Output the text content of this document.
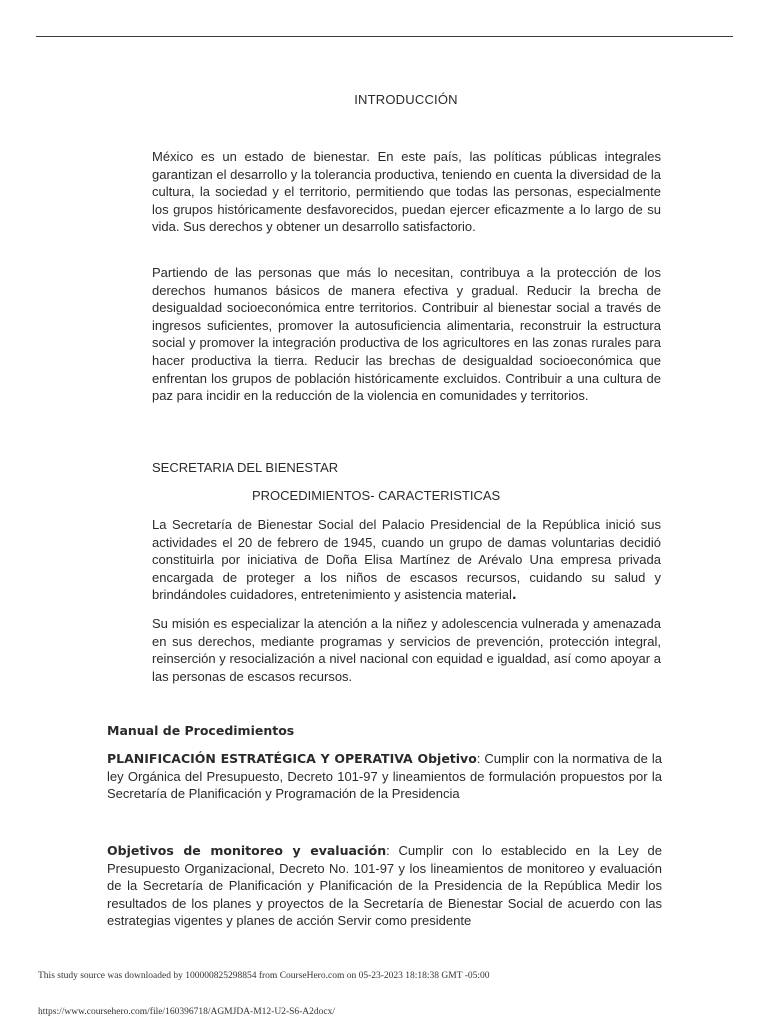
INTRODUCCIÓN

México es un estado de bienestar. En este país, las políticas públicas integrales garantizan el desarrollo y la tolerancia productiva, teniendo en cuenta la diversidad de la cultura, la sociedad y el territorio, permitiendo que todas las personas, especialmente los grupos históricamente desfavorecidos, puedan ejercer eficazmente a lo largo de su vida. Sus derechos y obtener un desarrollo satisfactorio.

Partiendo de las personas que más lo necesitan, contribuya a la protección de los derechos humanos básicos de manera efectiva y gradual. Reducir la brecha de desigualdad socioeconómica entre territorios. Contribuir al bienestar social a través de ingresos suficientes, promover la autosuficiencia alimentaria, reconstruir la estructura social y promover la integración productiva de los agricultores en las zonas rurales para hacer productiva la tierra. Reducir las brechas de desigualdad socioeconómica que enfrentan los grupos de población históricamente excluidos. Contribuir a una cultura de paz para incidir en la reducción de la violencia en comunidades y territorios.

SECRETARIA DEL BIENESTAR
PROCEDIMIENTOS- CARACTERISTICAS

La Secretaría de Bienestar Social del Palacio Presidencial de la República inició sus actividades el 20 de febrero de 1945, cuando un grupo de damas voluntarias decidió constituirla por iniciativa de Doña Elisa Martínez de Arévalo Una empresa privada encargada de proteger a los niños de escasos recursos, cuidando su salud y brindándoles cuidadores, entretenimiento y asistencia material.

Su misión es especializar la atención a la niñez y adolescencia vulnerada y amenazada en sus derechos, mediante programas y servicios de prevención, protección integral, reinserción y resocialización a nivel nacional con equidad e igualdad, así como apoyar a las personas de escasos recursos.

Manual de Procedimientos

PLANIFICACIÓN ESTRATÉGICA Y OPERATIVA Objetivo: Cumplir con la normativa de la ley Orgánica del Presupuesto, Decreto 101-97 y lineamientos de formulación propuestos por la Secretaría de Planificación y Programación de la Presidencia

Objetivos de monitoreo y evaluación: Cumplir con lo establecido en la Ley de Presupuesto Organizacional, Decreto No. 101-97 y los lineamientos de monitoreo y evaluación de la Secretaría de Planificación y Planificación de la Presidencia de la República Medir los resultados de los planes y proyectos de la Secretaría de Bienestar Social de acuerdo con las estrategias vigentes y planes de acción Servir como presidente

This study source was downloaded by 100000825298854 from CourseHero.com on 05-23-2023 18:18:38 GMT -05:00
https://www.coursehero.com/file/160396718/AGMJDA-M12-U2-S6-A2docx/
